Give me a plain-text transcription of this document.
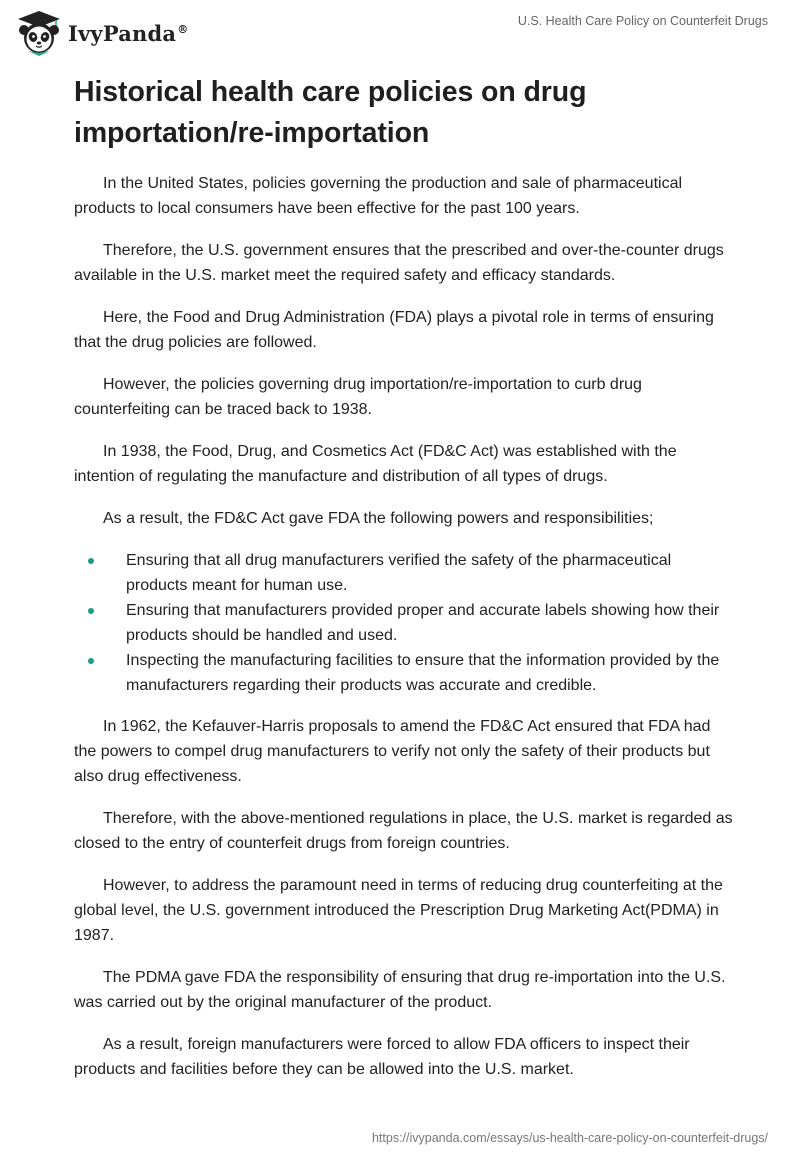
IvyPanda®
U.S. Health Care Policy on Counterfeit Drugs
Historical health care policies on drug importation/re-importation

In the United States, policies governing the production and sale of pharmaceutical products to local consumers have been effective for the past 100 years.

Therefore, the U.S. government ensures that the prescribed and over-the-counter drugs available in the U.S. market meet the required safety and efficacy standards.

Here, the Food and Drug Administration (FDA) plays a pivotal role in terms of ensuring that the drug policies are followed.

However, the policies governing drug importation/re-importation to curb drug counterfeiting can be traced back to 1938.

In 1938, the Food, Drug, and Cosmetics Act (FD&C Act) was established with the intention of regulating the manufacture and distribution of all types of drugs.

As a result, the FD&C Act gave FDA the following powers and responsibilities;

Ensuring that all drug manufacturers verified the safety of the pharmaceutical products meant for human use.
Ensuring that manufacturers provided proper and accurate labels showing how their products should be handled and used.
Inspecting the manufacturing facilities to ensure that the information provided by the manufacturers regarding their products was accurate and credible.

In 1962, the Kefauver-Harris proposals to amend the FD&C Act ensured that FDA had the powers to compel drug manufacturers to verify not only the safety of their products but also drug effectiveness.

Therefore, with the above-mentioned regulations in place, the U.S. market is regarded as closed to the entry of counterfeit drugs from foreign countries.

However, to address the paramount need in terms of reducing drug counterfeiting at the global level, the U.S. government introduced the Prescription Drug Marketing Act(PDMA) in 1987.

The PDMA gave FDA the responsibility of ensuring that drug re-importation into the U.S. was carried out by the original manufacturer of the product.

As a result, foreign manufacturers were forced to allow FDA officers to inspect their products and facilities before they can be allowed into the U.S. market.

https://ivypanda.com/essays/us-health-care-policy-on-counterfeit-drugs/
